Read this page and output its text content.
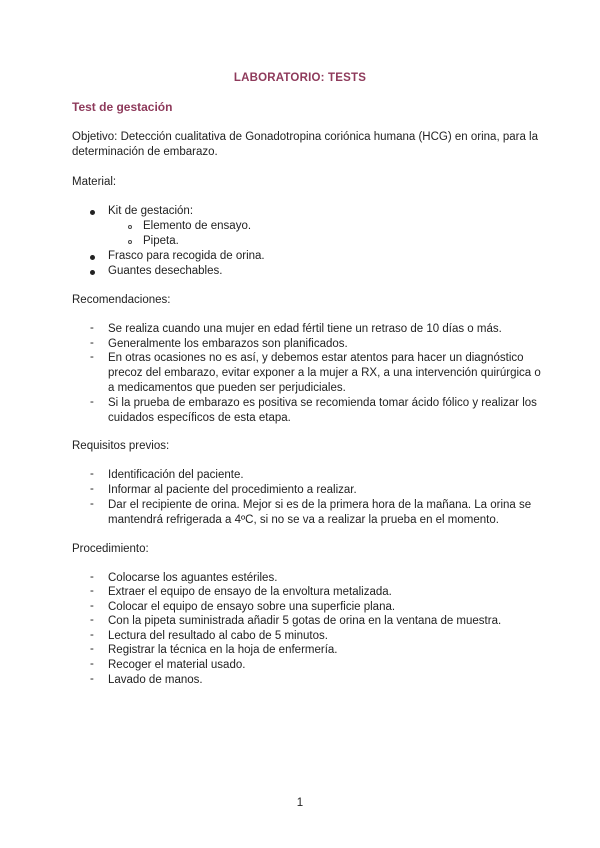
LABORATORIO: TESTS
Test de gestación
Objetivo: Detección cualitativa de Gonadotropina coriónica humana (HCG) en orina, para la
determinación de embarazo.
Material:
Kit de gestación:
Elemento de ensayo.
Pipeta.
Frasco para recogida de orina.
Guantes desechables.
Recomendaciones:
- Se realiza cuando una mujer en edad fértil tiene un retraso de 10 días o más.
- Generalmente los embarazos son planificados.
- En otras ocasiones no es así, y debemos estar atentos para hacer un diagnóstico
precoz del embarazo, evitar exponer a la mujer a RX, a una intervención quirúrgica o
a medicamentos que pueden ser perjudiciales.
- Si la prueba de embarazo es positiva se recomienda tomar ácido fólico y realizar los
cuidados específicos de esta etapa.
Requisitos previos:
- Identificación del paciente.
- Informar al paciente del procedimiento a realizar.
- Dar el recipiente de orina. Mejor si es de la primera hora de la mañana. La orina se
mantendrá refrigerada a 4ºC, si no se va a realizar la prueba en el momento.
Procedimiento:
- Colocarse los aguantes estériles.
- Extraer el equipo de ensayo de la envoltura metalizada.
- Colocar el equipo de ensayo sobre una superficie plana.
- Con la pipeta suministrada añadir 5 gotas de orina en la ventana de muestra.
- Lectura del resultado al cabo de 5 minutos.
- Registrar la técnica en la hoja de enfermería.
- Recoger el material usado.
- Lavado de manos.
1
